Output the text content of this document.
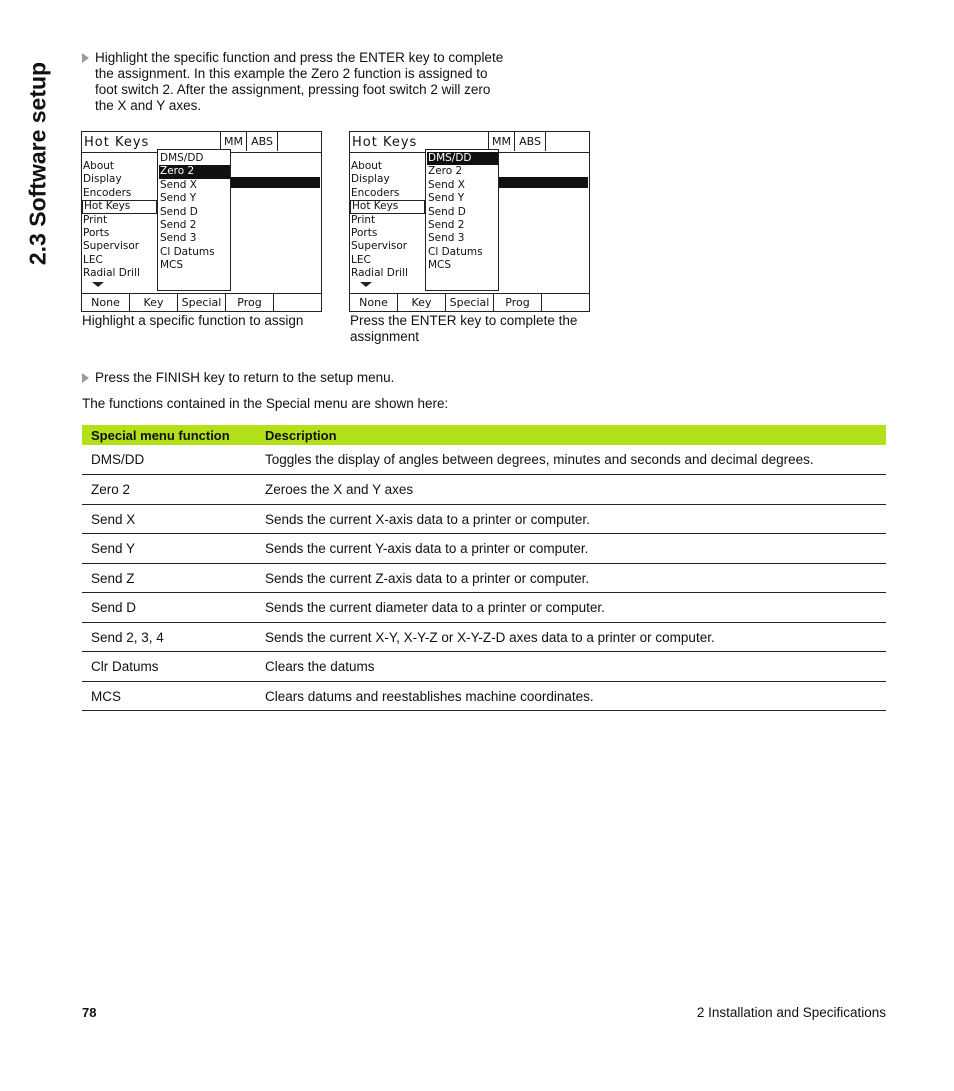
2.3 Software setup
Highlight the specific function and press the ENTER key to complete
the assignment. In this example the Zero 2 function is assigned to
foot switch 2. After the assignment, pressing foot switch 2 will zero
the X and Y axes.
Hot Keys	MM ABS
About
Display
Encoders
Hot Keys
Print
Ports
Supervisor
LEC
Radial Drill
DMS/DD
Zero 2
Send X
Send Y
Send D
Send 2
Send 3
Cl Datums
MCS
None	Key	Special	Prog
Highlight a specific function to assign
Hot Keys	MM ABS
About
Display
Encoders
Hot Keys
Print
Ports
Supervisor
LEC
Radial Drill
DMS/DD
Zero 2
Send X
Send Y
Send D
Send 2
Send 3
Cl Datums
MCS
None	Key	Special	Prog
Press the ENTER key to complete the
assignment
Press the FINISH key to return to the setup menu.
The functions contained in the Special menu are shown here:
Special menu function	Description
DMS/DD	Toggles the display of angles between degrees, minutes and seconds and decimal degrees.
Zero 2	Zeroes the X and Y axes
Send X	Sends the current X-axis data to a printer or computer.
Send Y	Sends the current Y-axis data to a printer or computer.
Send Z	Sends the current Z-axis data to a printer or computer.
Send D	Sends the current diameter data to a printer or computer.
Send 2, 3, 4	Sends the current X-Y, X-Y-Z or X-Y-Z-D axes data to a printer or computer.
Clr Datums	Clears the datums
MCS	Clears datums and reestablishes machine coordinates.
78	2 Installation and Specifications
